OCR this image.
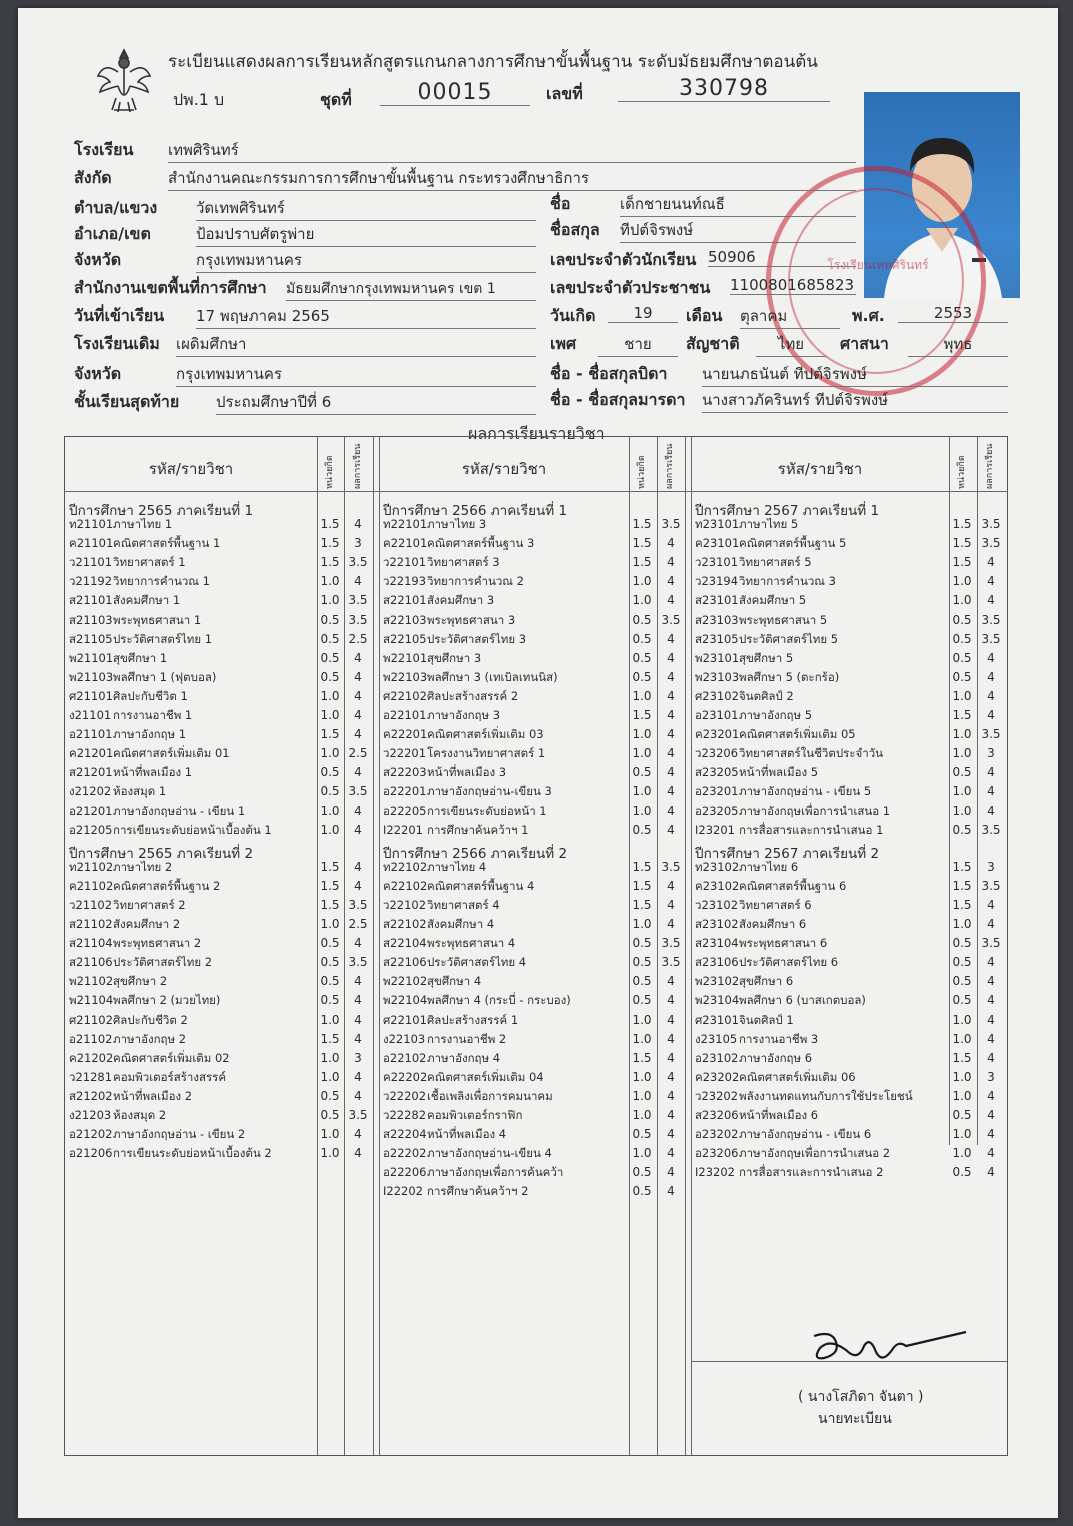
ระเบียนแสดงผลการเรียนหลักสูตรแกนกลางการศึกษาขั้นพื้นฐาน ระดับมัธยมศึกษาตอนต้น
ปพ.1 บ	ชุดที่	00015	เลขที่	330798
โรงเรียนเทพศิรินทร์
โรงเรียน เทพศิรินทร์
สังกัด	สำนักงานคณะกรรมการการศึกษาขั้นพื้นฐาน กระทรวงศึกษาธิการ
ตำบล/แขวง	วัดเทพศิรินทร์
อำเภอ/เขต	ป้อมปราบศัตรูพ่าย
จังหวัด	กรุงเทพมหานคร
สำนักงานเขตพื้นที่การศึกษา มัธยมศึกษากรุงเทพมหานคร เขต 1
วันที่เข้าเรียน 17 พฤษภาคม 2565
โรงเรียนเดิม เผดิมศึกษา
จังหวัด	กรุงเทพมหานคร
ชั้นเรียนสุดท้าย ประถมศึกษาปีที่ 6
ชื่อ	เด็กชายนนท์ณธี
ชื่อสกุล ทีปต์จิรพงษ์
เลขประจำตัวนักเรียน 50906
เลขประจำตัวประชาชน 1100801685823
วันเกิด	19	เดือน ตุลาคม	พ.ศ.	2553
เพศ	ชาย	สัญชาติ	ไทย	ศาสนา	พุทธ
ชื่อ - ชื่อสกุลบิดา นายนภธนันต์ ทีปต์จิรพงษ์
ชื่อ - ชื่อสกุลมารดา นางสาวภัครินทร์ ทีปต์จิรพงษ์
ผลการเรียนรายวิชา
รหัส/รายวิชา	หน่วยกิต ผลการเรียน	รหัส/รายวิชา	หน่วยกิต ผลการเรียน	รหัส/รายวิชา	หน่วยกิต ผลการเรียน
ปีการศึกษา 2565 ภาคเรียนที่ 1
ท21101ภาษาไทย 1	1.5	4
ค21101คณิตศาสตร์พื้นฐาน 1	1.5	3
ว21101วิทยาศาสตร์ 1	1.5 3.5
ว21192วิทยาการคำนวณ 1	1.0	4
ส21101สังคมศึกษา 1	1.0 3.5
ส21103พระพุทธศาสนา 1	0.5 3.5
ส21105ประวัติศาสตร์ไทย 1	0.5 2.5
พ21101สุขศึกษา 1	0.5	4
พ21103พลศึกษา 1 (ฟุตบอล)	0.5	4
ศ21101ศิลปะกับชีวิต 1	1.0	4
ง21101 การงานอาชีพ 1	1.0	4
อ21101ภาษาอังกฤษ 1	1.5	4
ค21201คณิตศาสตร์เพิ่มเติม 01	1.0 2.5
ส21201หน้าที่พลเมือง 1	0.5	4
ง21202 ห้องสมุด 1	0.5 3.5
อ21201ภาษาอังกฤษอ่าน - เขียน 1	1.0	4
อ21205การเขียนระดับย่อหน้าเบื้องต้น 1	1.0	4
ปีการศึกษา 2565 ภาคเรียนที่ 2
ท21102ภาษาไทย 2	1.5	4
ค21102คณิตศาสตร์พื้นฐาน 2	1.5	4
ว21102วิทยาศาสตร์ 2	1.5 3.5
ส21102สังคมศึกษา 2	1.0 2.5
ส21104พระพุทธศาสนา 2	0.5	4
ส21106ประวัติศาสตร์ไทย 2	0.5 3.5
พ21102สุขศึกษา 2	0.5	4
พ21104พลศึกษา 2 (มวยไทย)	0.5	4
ศ21102ศิลปะกับชีวิต 2	1.0	4
อ21102ภาษาอังกฤษ 2	1.5	4
ค21202คณิตศาสตร์เพิ่มเติม 02	1.0	3
ว21281คอมพิวเตอร์สร้างสรรค์	1.0	4
ส21202หน้าที่พลเมือง 2	0.5	4
ง21203 ห้องสมุด 2	0.5 3.5
อ21202ภาษาอังกฤษอ่าน - เขียน 2	1.0	4
อ21206การเขียนระดับย่อหน้าเบื้องต้น 2	1.0	4
ปีการศึกษา 2566 ภาคเรียนที่ 1
ท22101ภาษาไทย 3	1.5 3.5
ค22101คณิตศาสตร์พื้นฐาน 3	1.5	4
ว22101วิทยาศาสตร์ 3	1.5	4
ว22193วิทยาการคำนวณ 2	1.0	4
ส22101สังคมศึกษา 3	1.0	4
ส22103พระพุทธศาสนา 3	0.5 3.5
ส22105ประวัติศาสตร์ไทย 3	0.5	4
พ22101สุขศึกษา 3	0.5	4
พ22103พลศึกษา 3 (เทเบิลเทนนิส)	0.5	4
ศ22102ศิลปะสร้างสรรค์ 2	1.0	4
อ22101ภาษาอังกฤษ 3	1.5	4
ค22201คณิตศาสตร์เพิ่มเติม 03	1.0	4
ว22201โครงงานวิทยาศาสตร์ 1	1.0	4
ส22203หน้าที่พลเมือง 3	0.5	4
อ22201ภาษาอังกฤษอ่าน-เขียน 3	1.0	4
อ22205การเขียนระดับย่อหน้า 1	1.0	4
I22201 การศึกษาค้นคว้าฯ 1	0.5	4
ปีการศึกษา 2566 ภาคเรียนที่ 2
ท22102ภาษาไทย 4	1.5 3.5
ค22102คณิตศาสตร์พื้นฐาน 4	1.5	4
ว22102วิทยาศาสตร์ 4	1.5	4
ส22102สังคมศึกษา 4	1.0	4
ส22104พระพุทธศาสนา 4	0.5 3.5
ส22106ประวัติศาสตร์ไทย 4	0.5 3.5
พ22102สุขศึกษา 4	0.5	4
พ22104พลศึกษา 4 (กระบี่ - กระบอง)	0.5	4
ศ22101ศิลปะสร้างสรรค์ 1	1.0	4
ง22103 การงานอาชีพ 2	1.0	4
อ22102ภาษาอังกฤษ 4	1.5	4
ค22202คณิตศาสตร์เพิ่มเติม 04	1.0	4
ว22202เชื้อเพลิงเพื่อการคมนาคม	1.0	4
ว22282คอมพิวเตอร์กราฟิก	1.0	4
ส22204หน้าที่พลเมือง 4	0.5	4
อ22202ภาษาอังกฤษอ่าน-เขียน 4	1.0	4
อ22206ภาษาอังกฤษเพื่อการค้นคว้า	0.5	4
I22202 การศึกษาค้นคว้าฯ 2	0.5	4
ปีการศึกษา 2567 ภาคเรียนที่ 1
ท23101ภาษาไทย 5	1.5 3.5
ค23101คณิตศาสตร์พื้นฐาน 5	1.5 3.5
ว23101วิทยาศาสตร์ 5	1.5	4
ว23194วิทยาการคำนวณ 3	1.0	4
ส23101สังคมศึกษา 5	1.0	4
ส23103พระพุทธศาสนา 5	0.5 3.5
ส23105ประวัติศาสตร์ไทย 5	0.5 3.5
พ23101สุขศึกษา 5	0.5	4
พ23103พลศึกษา 5 (ตะกร้อ)	0.5	4
ศ23102จินตศิลป์ 2	1.0	4
อ23101ภาษาอังกฤษ 5	1.5	4
ค23201คณิตศาสตร์เพิ่มเติม 05	1.0 3.5
ว23206วิทยาศาสตร์ในชีวิตประจำวัน	1.0	3
ส23205หน้าที่พลเมือง 5	0.5	4
อ23201ภาษาอังกฤษอ่าน - เขียน 5	1.0	4
อ23205ภาษาอังกฤษเพื่อการนำเสนอ 1	1.0	4
I23201 การสื่อสารและการนำเสนอ 1	0.5 3.5
ปีการศึกษา 2567 ภาคเรียนที่ 2
ท23102ภาษาไทย 6	1.5	3
ค23102คณิตศาสตร์พื้นฐาน 6	1.5 3.5
ว23102วิทยาศาสตร์ 6	1.5	4
ส23102สังคมศึกษา 6	1.0	4
ส23104พระพุทธศาสนา 6	0.5 3.5
ส23106ประวัติศาสตร์ไทย 6	0.5	4
พ23102สุขศึกษา 6	0.5	4
พ23104พลศึกษา 6 (บาสเกตบอล)	0.5	4
ศ23101จินตศิลป์ 1	1.0	4
ง23105 การงานอาชีพ 3	1.0	4
อ23102ภาษาอังกฤษ 6	1.5	4
ค23202คณิตศาสตร์เพิ่มเติม 06	1.0	3
ว23202พลังงานทดแทนกับการใช้ประโยชน์	1.0	4
ส23206หน้าที่พลเมือง 6	0.5	4
อ23202ภาษาอังกฤษอ่าน - เขียน 6	1.0	4
อ23206ภาษาอังกฤษเพื่อการนำเสนอ 2	1.0	4
I23202 การสื่อสารและการนำเสนอ 2	0.5	4
( นางโสภิดา จันตา )
นายทะเบียน
